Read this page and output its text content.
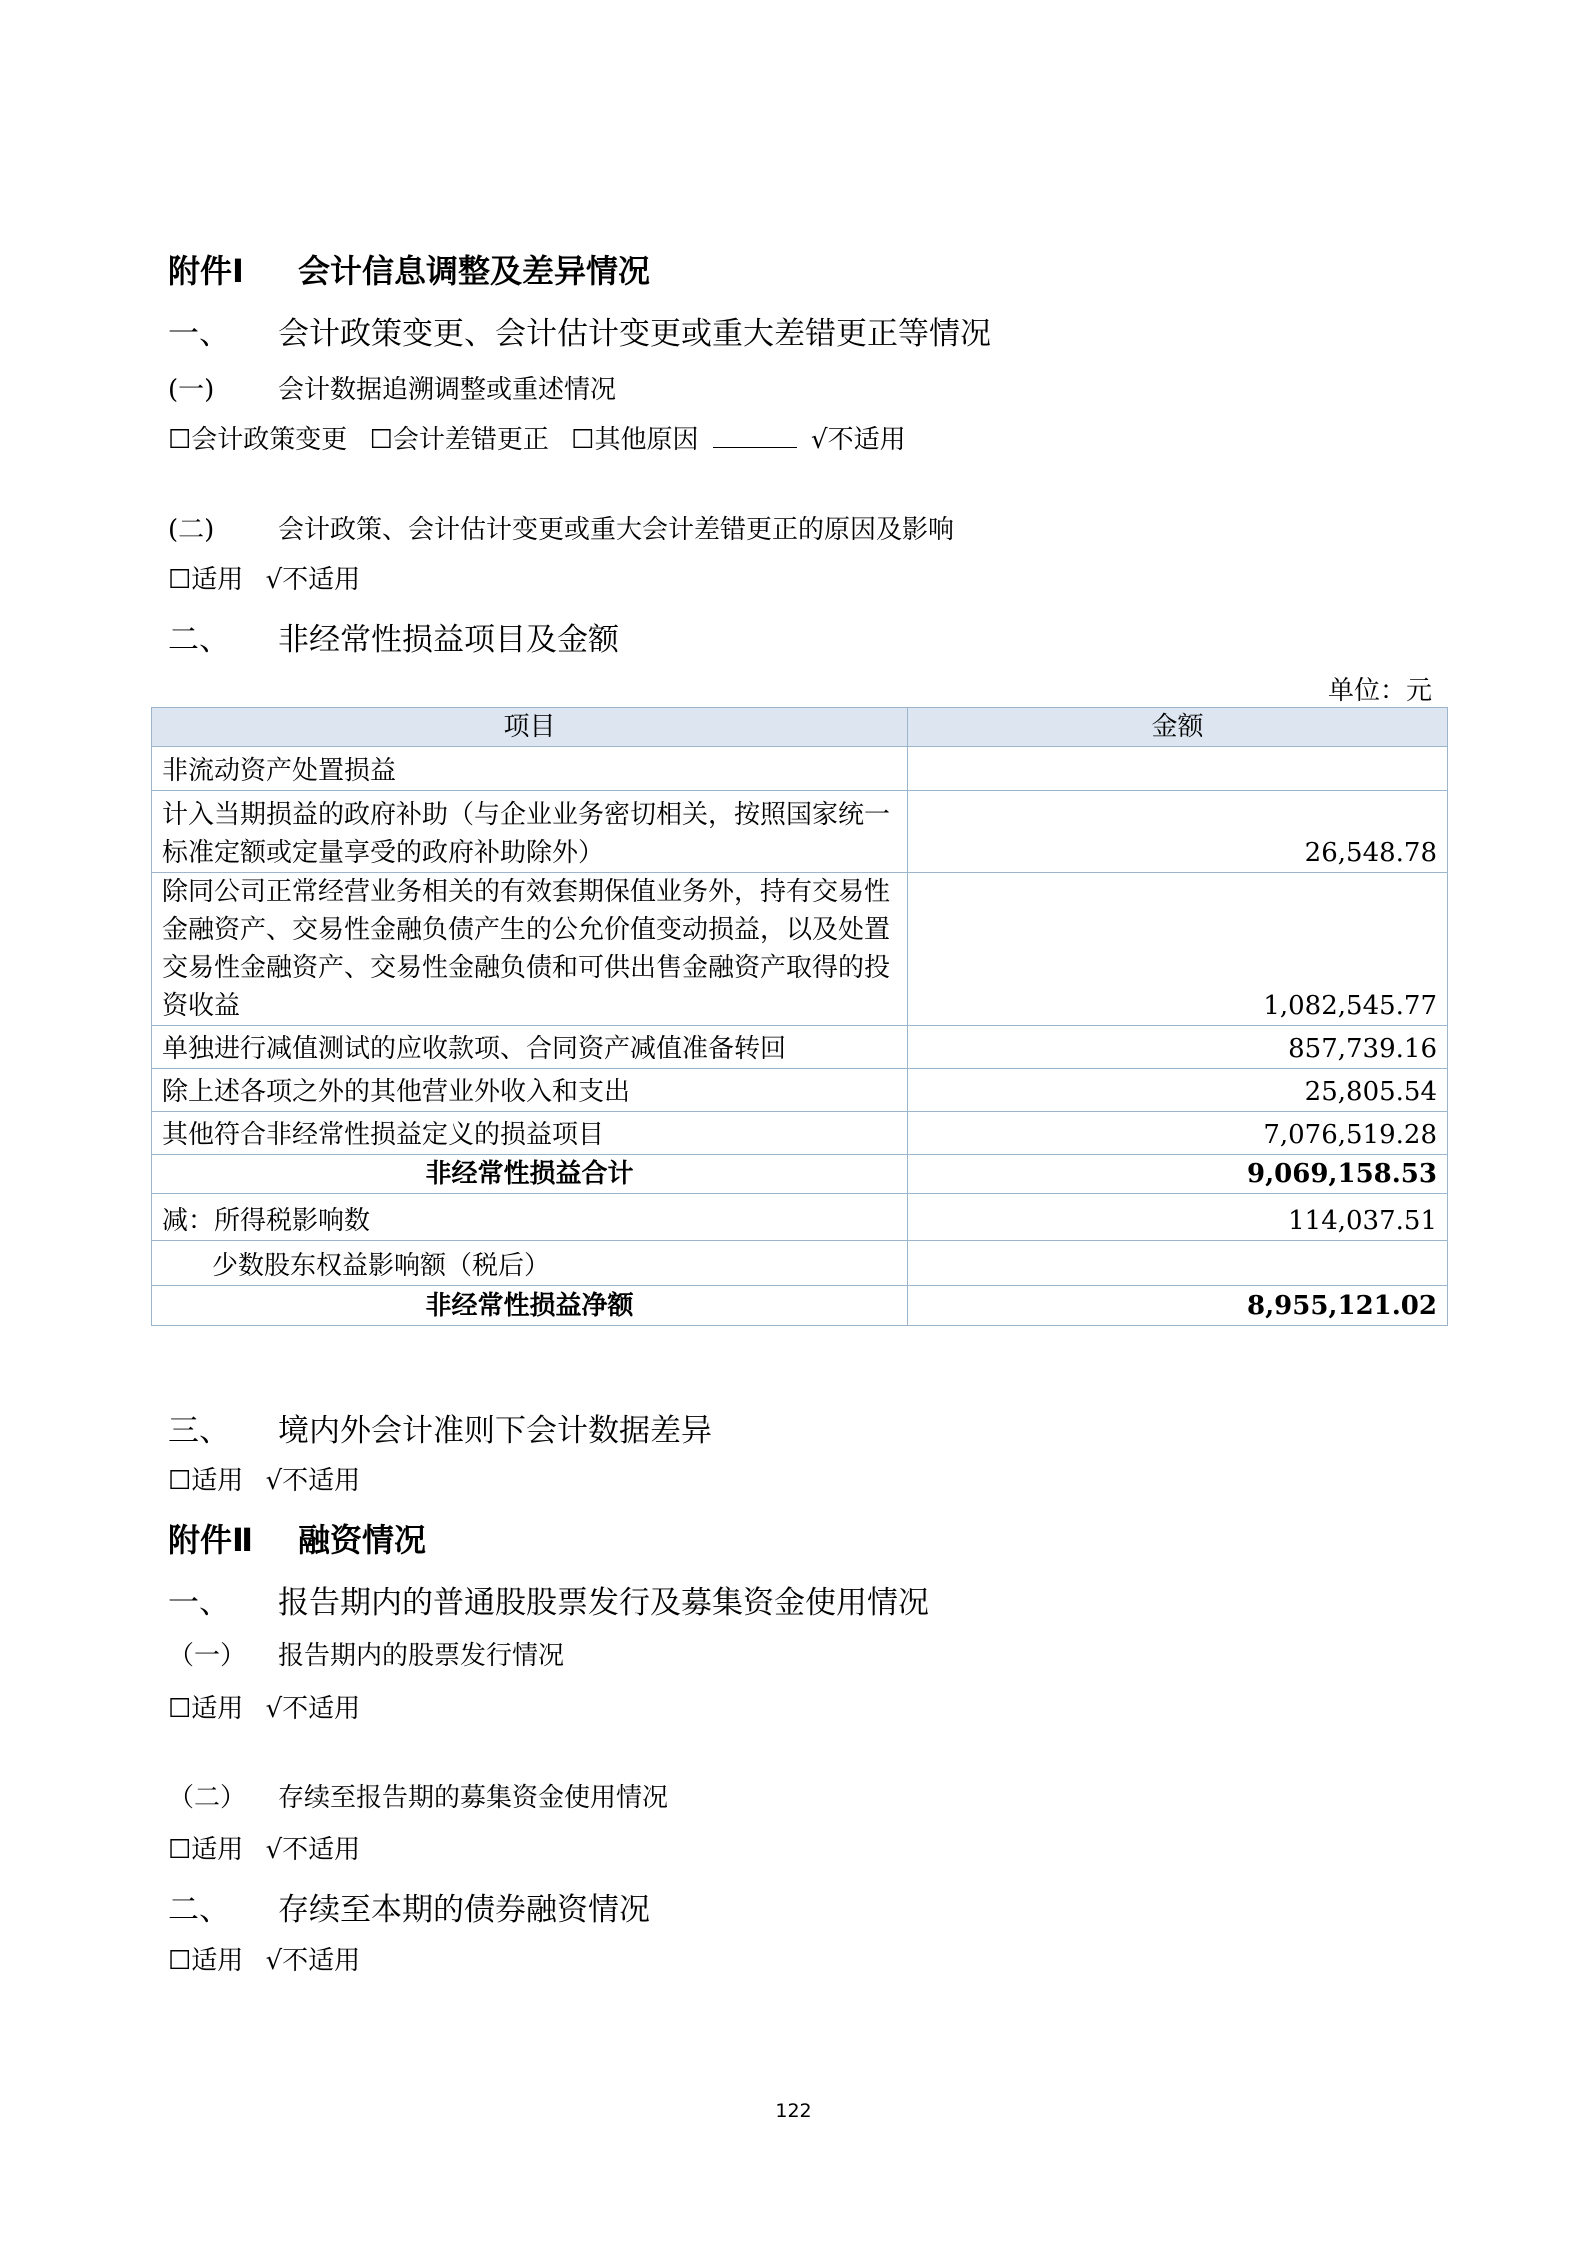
附件Ⅰ 会计信息调整及差异情况
一、 会计政策变更、会计估计变更或重大差错更正等情况
(一) 会计数据追溯调整或重述情况
☐会计政策变更 ☐会计差错更正 ☐其他原因	√不适用
(二) 会计政策、会计估计变更或重大会计差错更正的原因及影响
☐适用 √不适用
二、 非经常性损益项目及金额
单位：元
项目	金额
非流动资产处置损益	
计入当期损益的政府补助（与企业业务密切相关，按照国家统一标准定额或定量享受的政府补助除外）	26,548.78
除同公司正常经营业务相关的有效套期保值业务外，持有交易性金融资产、交易性金融负债产生的公允价值变动损益，以及处置交易性金融资产、交易性金融负债和可供出售金融资产取得的投资收益	1,082,545.77
单独进行减值测试的应收款项、合同资产减值准备转回	857,739.16
除上述各项之外的其他营业外收入和支出	25,805.54
其他符合非经常性损益定义的损益项目	7,076,519.28
非经常性损益合计	9,069,158.53
减：所得税影响数	114,037.51
少数股东权益影响额（税后）	
非经常性损益净额	8,955,121.02
三、 境内外会计准则下会计数据差异
☐适用 √不适用
附件Ⅱ 融资情况
一、 报告期内的普通股股票发行及募集资金使用情况
（一） 报告期内的股票发行情况
☐适用 √不适用
（二） 存续至报告期的募集资金使用情况
☐适用 √不适用
二、 存续至本期的债券融资情况
☐适用 √不适用
122
